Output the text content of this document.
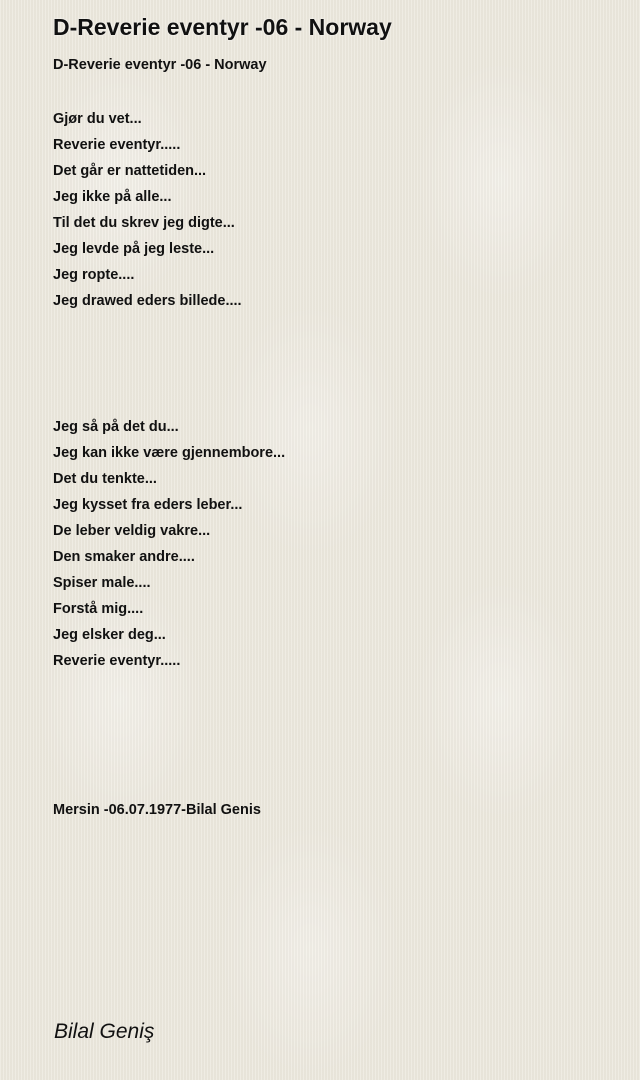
D-Reverie eventyr -06 - Norway
D-Reverie eventyr -06 - Norway
Gjør du vet...
Reverie eventyr.....
Det går er nattetiden...
Jeg ikke på alle...
Til det du skrev jeg digte...
Jeg levde på jeg leste...
Jeg ropte....
Jeg drawed eders billede....
Jeg så på det du...
Jeg kan ikke være gjennembore...
Det du tenkte...
Jeg kysset fra eders leber...
De leber veldig vakre...
Den smaker andre....
Spiser male....
Forstå mig....
Jeg elsker deg...
Reverie eventyr.....
Mersin -06.07.1977-Bilal Genis
Bilal Geniş
